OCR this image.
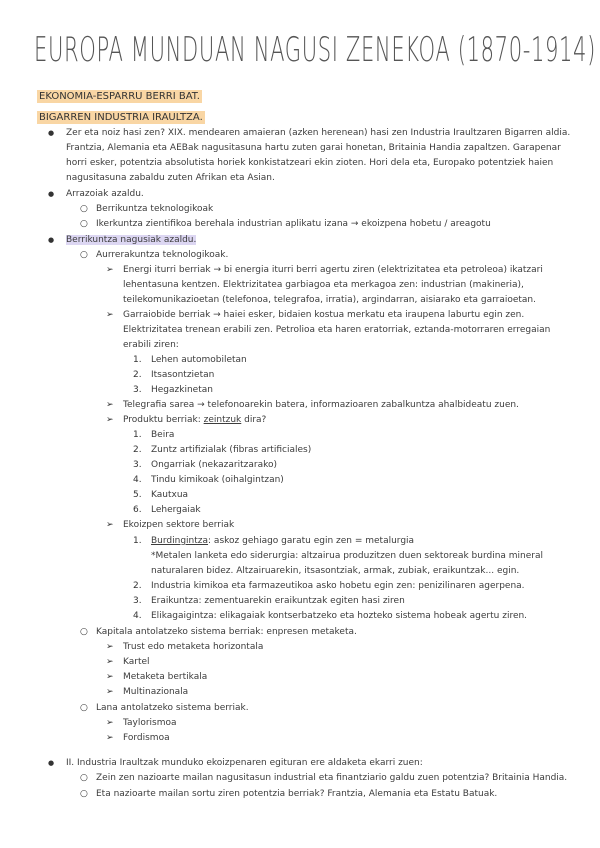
EUROPA MUNDUAN NAGUSI ZENEKOA (1870-1914)
EKONOMIA-ESPARRU BERRI BAT.
BIGARREN INDUSTRIA IRAULTZA.
● Zer eta noiz hasi zen? XIX. mendearen amaieran (azken herenean) hasi zen Industria Iraultzaren Bigarren aldia.
Frantzia, Alemania eta AEBak nagusitasuna hartu zuten garai honetan, Britainia Handia zapaltzen. Garapenar
horri esker, potentzia absolutista horiek konkistatzeari ekin zioten. Hori dela eta, Europako potentziek haien
nagusitasuna zabaldu zuten Afrikan eta Asian.
● Arrazoiak azaldu.
○ Berrikuntza teknologikoak
○ Ikerkuntza zientifikoa berehala industrian aplikatu izana → ekoizpena hobetu / areagotu
● Berrikuntza nagusiak azaldu.
○ Aurrerakuntza teknologikoak.
➢ Energi iturri berriak → bi energia iturri berri agertu ziren (elektrizitatea eta petroleoa) ikatzari
lehentasuna kentzen. Elektrizitatea garbiagoa eta merkagoa zen: industrian (makineria),
teilekomunikazioetan (telefonoa, telegrafoa, irratia), argindarran, aisiarako eta garraioetan.
➢ Garraiobide berriak → haiei esker, bidaien kostua merkatu eta iraupena laburtu egin zen.
Elektrizitatea trenean erabili zen. Petrolioa eta haren eratorriak, eztanda-motorraren erregaian
erabili ziren:
1. Lehen automobiletan
2. Itsasontzietan
3. Hegazkinetan
➢ Telegrafia sarea → telefonoarekin batera, informazioaren zabalkuntza ahalbideatu zuen.
➢ Produktu berriak: zeintzuk dira?
1. Beira
2. Zuntz artifizialak (fibras artificiales)
3. Ongarriak (nekazaritzarako)
4. Tindu kimikoak (oihalgintzan)
5. Kautxua
6. Lehergaiak
➢ Ekoizpen sektore berriak
1. Burdingintza: askoz gehiago garatu egin zen = metalurgia
*Metalen lanketa edo siderurgia: altzairua produzitzen duen sektoreak burdina mineral
naturalaren bidez. Altzairuarekin, itsasontziak, armak, zubiak, eraikuntzak... egin.
2. Industria kimikoa eta farmazeutikoa asko hobetu egin zen: penizilinaren agerpena.
3. Eraikuntza: zementuarekin eraikuntzak egiten hasi ziren
4. Elikagaigintza: elikagaiak kontserbatzeko eta hozteko sistema hobeak agertu ziren.
○ Kapitala antolatzeko sistema berriak: enpresen metaketa.
➢ Trust edo metaketa horizontala
➢ Kartel
➢ Metaketa bertikala
➢ Multinazionala
○ Lana antolatzeko sistema berriak.
➢ Taylorismoa
➢ Fordismoa
● II. Industria Iraultzak munduko ekoizpenaren egituran ere aldaketa ekarri zuen:
○ Zein zen nazioarte mailan nagusitasun industrial eta finantziario galdu zuen potentzia? Britainia Handia.
○ Eta nazioarte mailan sortu ziren potentzia berriak? Frantzia, Alemania eta Estatu Batuak.
